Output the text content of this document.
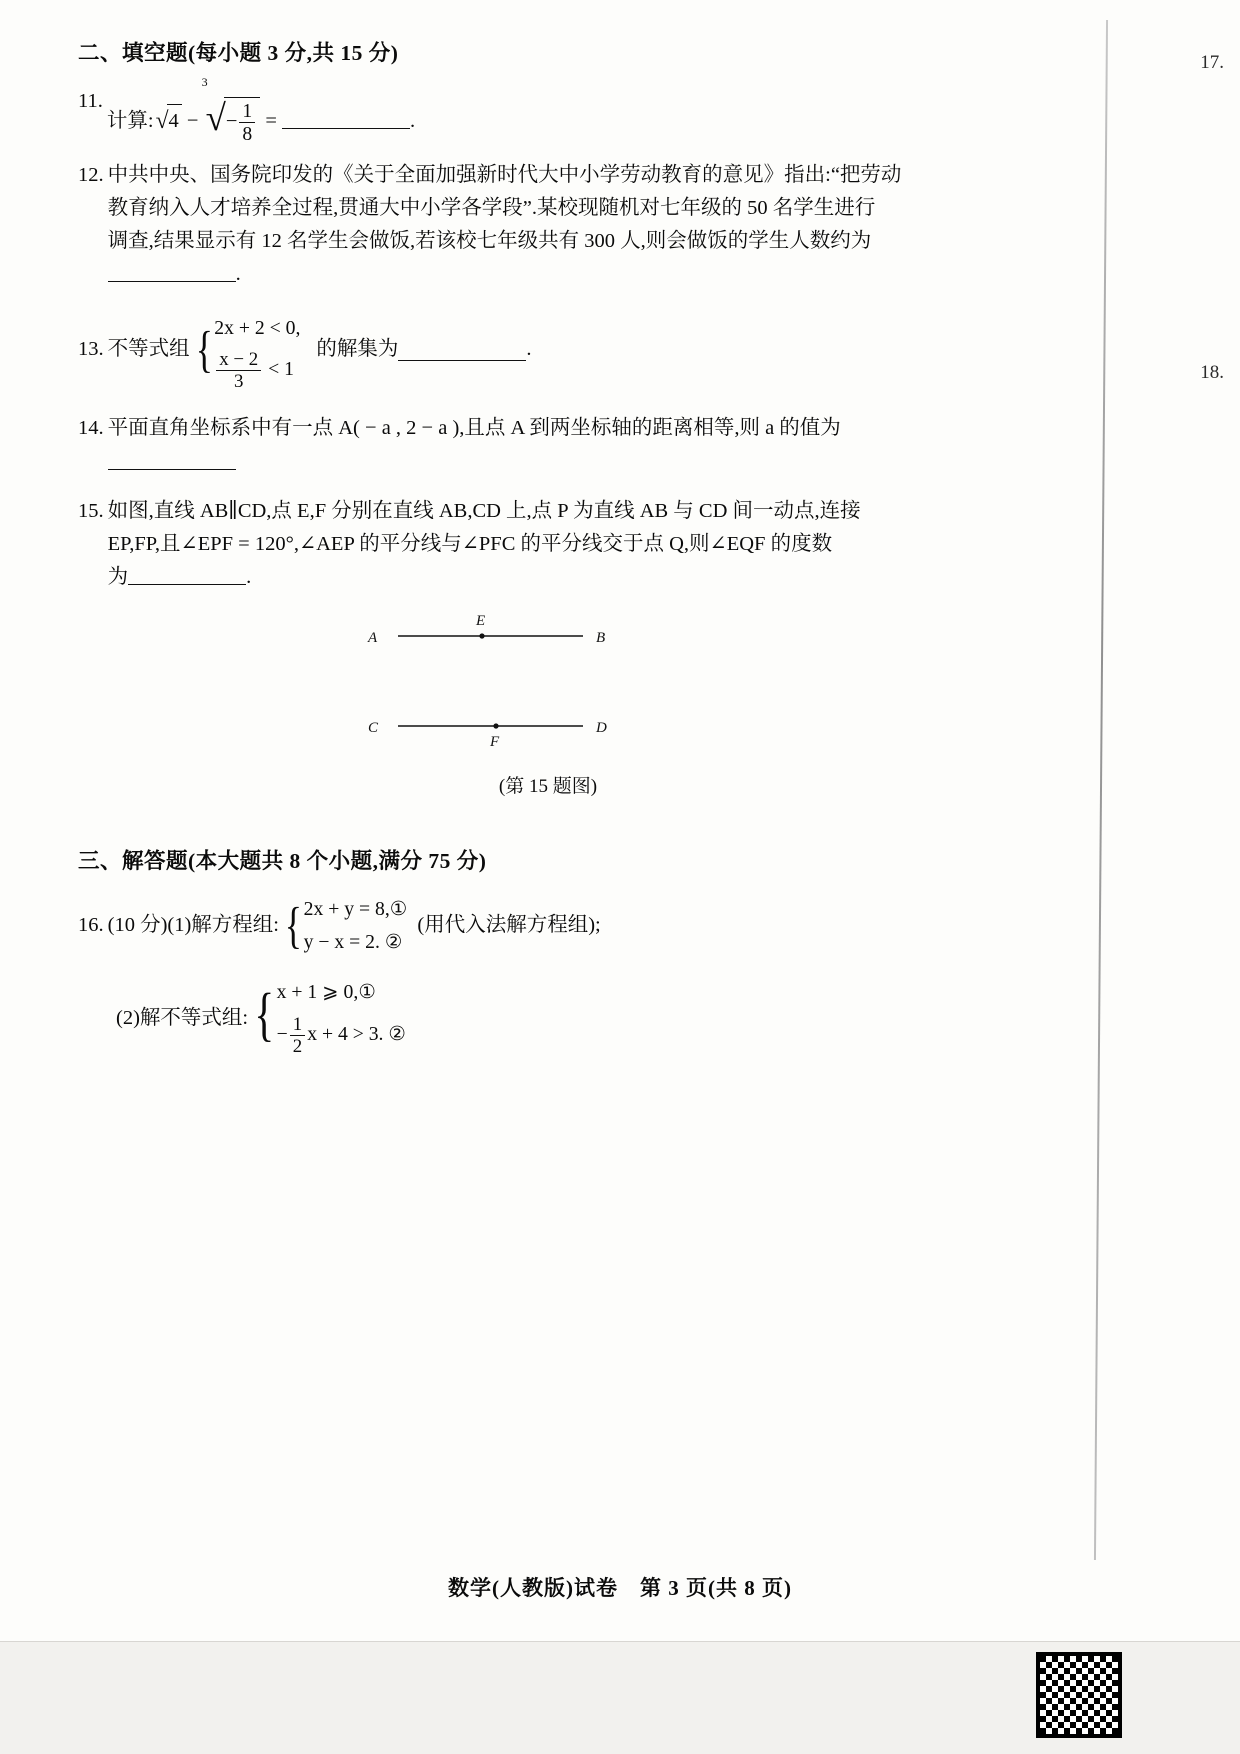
17.
18.
二、填空题(每小题 3 分,共 15 分)
11.
计算:√4 −
3
√− $\frac{1}{8}$ =	.
12. 中共中央、国务院印发的《关于全面加强新时代大中小学劳动教育的意见》指出:“把劳动
教育纳入人才培养全过程,贯通大中小学各学段”.某校现随机对七年级的 50 名学生进行
调查,结果显示有 12 名学生会做饭,若该校七年级共有 300 人,则会做饭的学生人数约为
.
13. 不等式组 { 2x + 2 < 0,
$\frac{x - 2}{3} < 1$
的解集为	.
14. 平面直角坐标系中有一点 A( − a , 2 − a ),且点 A 到两坐标轴的距离相等,则 a 的值为

15. 如图,直线 AB∥CD,点 E,F 分别在直线 AB,CD 上,点 P 为直线 AB 与 CD 间一动点,连接
EP,FP,且∠EPF = 120°,∠AEP 的平分线与∠PFC 的平分线交于点 Q,则∠EQF 的度数
为	.
A	B
E
C	D
F
(第 15 题图)
三、解答题(本大题共 8 个小题,满分 75 分)
16. (10 分) (1)解方程组: { 2x + y = 8,①
y − x = 2. ②
(用代入法解方程组);
(2)解不等式组: { x + 1 ⩾ 0,①
− $\frac{1}{2}$ x + 4 > 3. ②
数学(人教版)试卷　第 3 页(共 8 页)
